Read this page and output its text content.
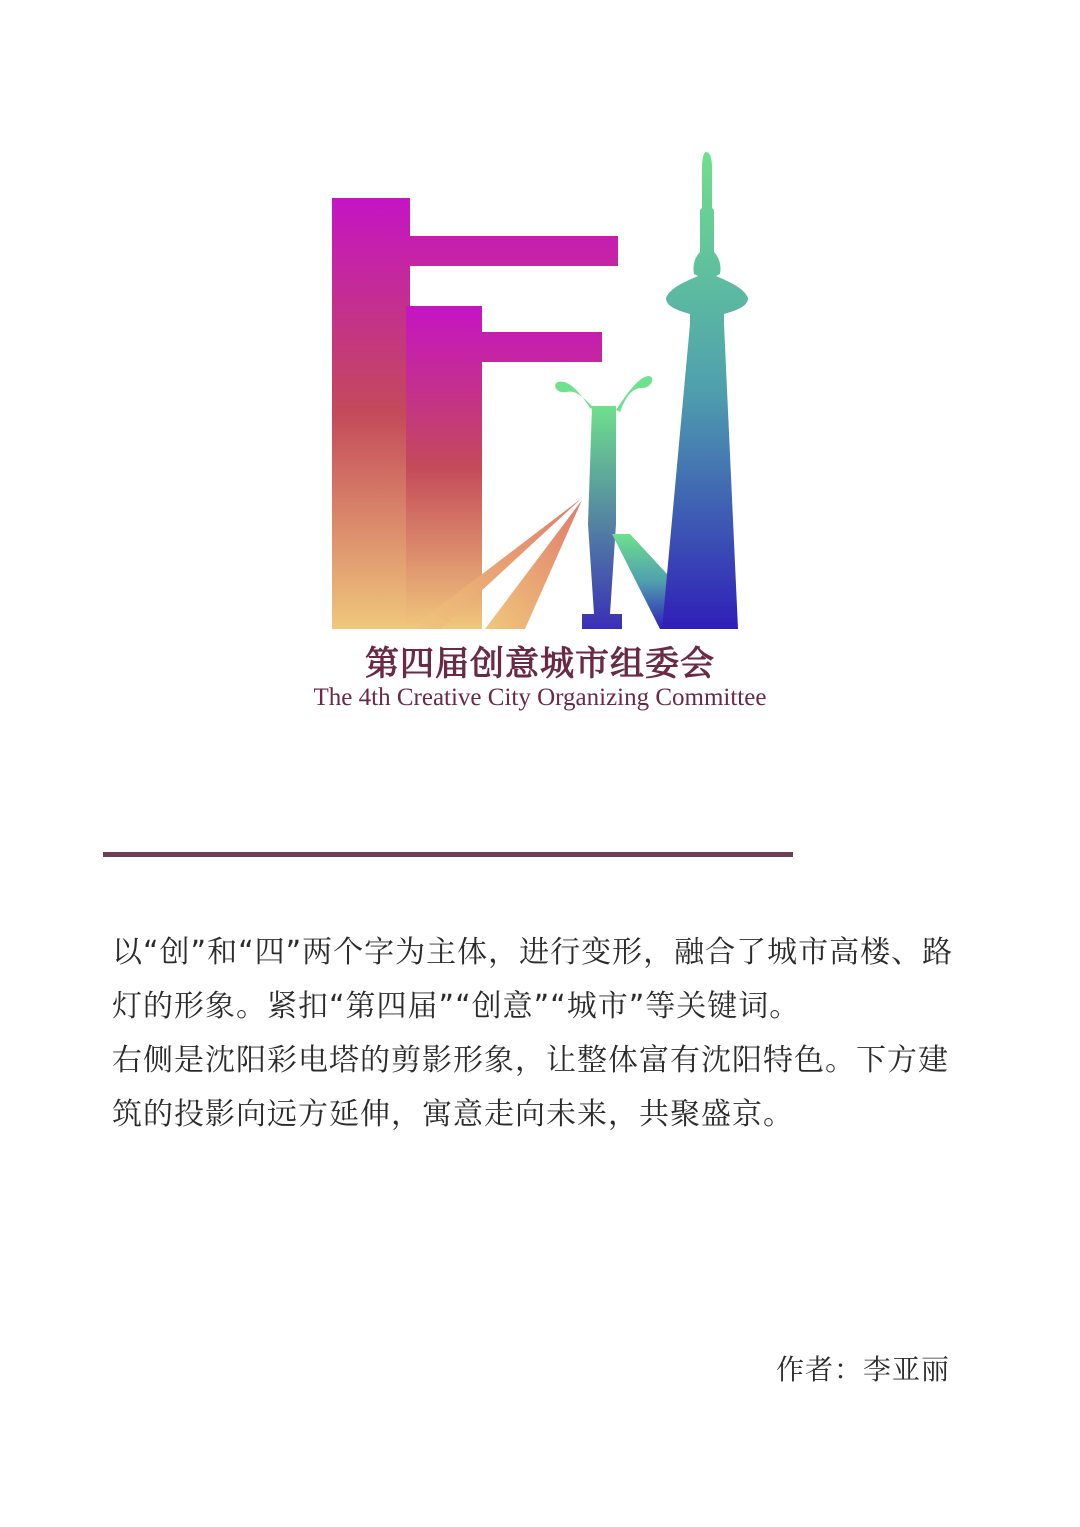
第四届创意城市组委会
The 4th Creative City Organizing Committee

以“创”和“四”两个字为主体，进行变形，融合了城市高楼、路灯的形象。紧扣“第四届”“创意”“城市”等关键词。

右侧是沈阳彩电塔的剪影形象，让整体富有沈阳特色。下方建筑的投影向远方延伸，寓意走向未来，共聚盛京。

作者：李亚丽
